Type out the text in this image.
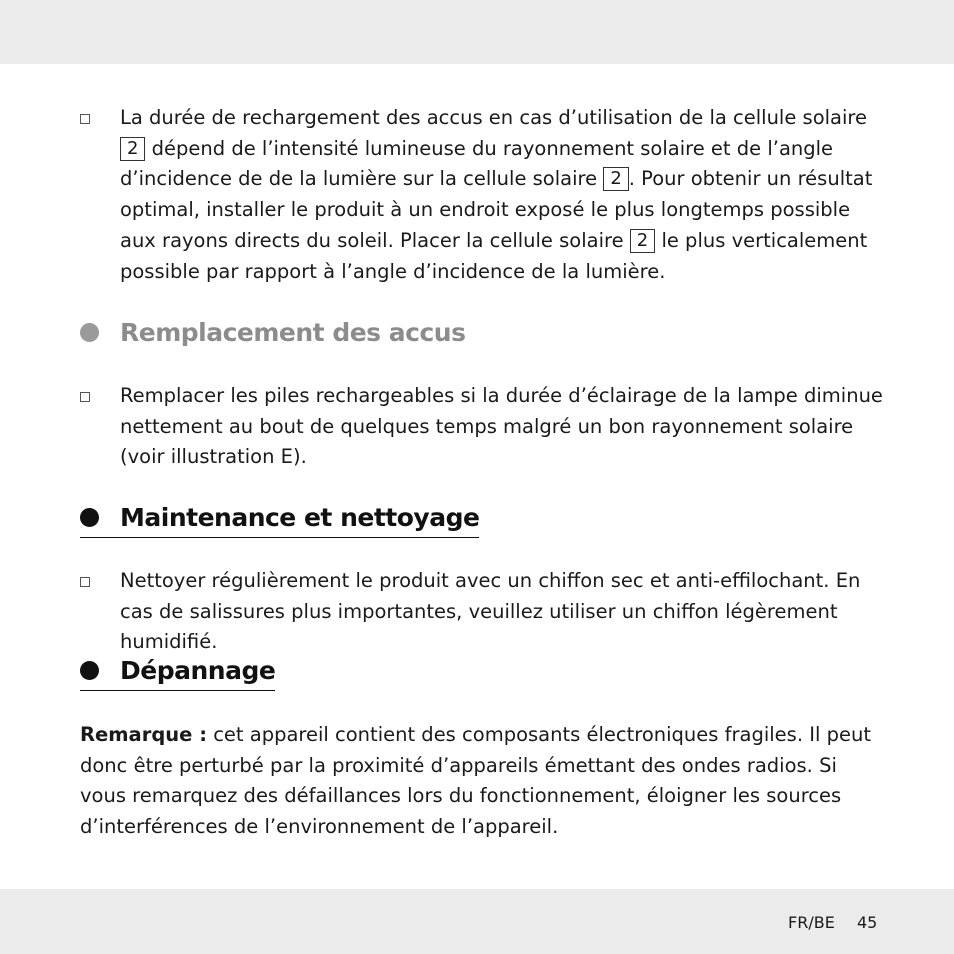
La durée de rechargement des accus en cas d’utilisation de la cellule solaire 2 dépend de l’intensité lumineuse du rayonnement solaire et de l’angle d’incidence de de la lumière sur la cellule solaire 2 . Pour obtenir un résultat optimal, installer le produit à un endroit exposé le plus longtemps possible aux rayons directs du soleil. Placer la cellule solaire 2 le plus verticalement possible par rapport à l’angle d’incidence de la lumière.

Remplacement des accus

Remplacer les piles rechargeables si la durée d’éclairage de la lampe diminue nettement au bout de quelques temps malgré un bon rayonnement solaire (voir illustration E).

Maintenance et nettoyage

Nettoyer régulièrement le produit avec un chiffon sec et anti-effilochant. En cas de salissures plus importantes, veuillez utiliser un chiffon légèrement humidifié.

Dépannage

Remarque : cet appareil contient des composants électroniques fragiles. Il peut donc être perturbé par la proximité d’appareils émettant des ondes radios. Si vous remarquez des défaillances lors du fonctionnement, éloigner les sources d’interférences de l’environnement de l’appareil.

FR/BE 45
